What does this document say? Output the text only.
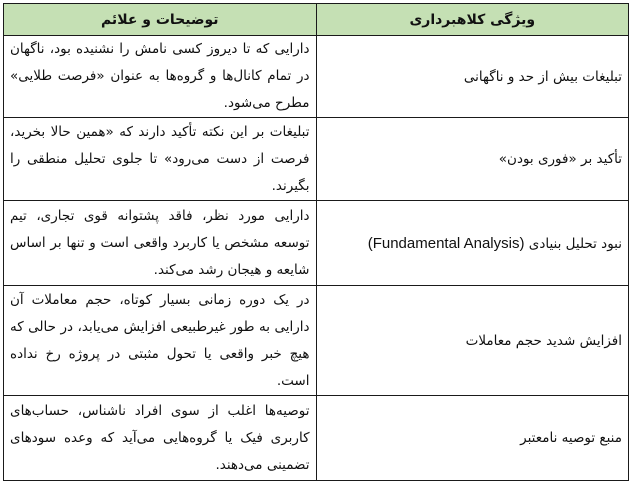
ویژگی کلاهبرداری	توضیحات و علائم
تبلیغات بیش از حد و ناگهانی	دارایی که تا دیروز کسی نامش را نشنیده بود، ناگهان در تمام کانال‌ها و گروه‌ها به عنوان «فرصت طلایی» مطرح می‌شود.
تأکید بر «فوری بودن»	تبلیغات بر این نکته تأکید دارند که «همین حالا بخرید، فرصت از دست می‌رود» تا جلوی تحلیل منطقی را بگیرند.
نبود تحلیل بنیادی (Fundamental Analysis)	دارایی مورد نظر، فاقد پشتوانه قوی تجاری، تیم توسعه مشخص یا کاربرد واقعی است و تنها بر اساس شایعه و هیجان رشد می‌کند.
افزایش شدید حجم معاملات	در یک دوره زمانی بسیار کوتاه، حجم معاملات آن دارایی به طور غیرطبیعی افزایش می‌یابد، در حالی که هیچ خبر واقعی یا تحول مثبتی در پروژه رخ نداده است.
منبع توصیه نامعتبر	توصیه‌ها اغلب از سوی افراد ناشناس، حساب‌های کاربری فیک یا گروه‌هایی می‌آید که وعده سودهای تضمینی می‌دهند.
